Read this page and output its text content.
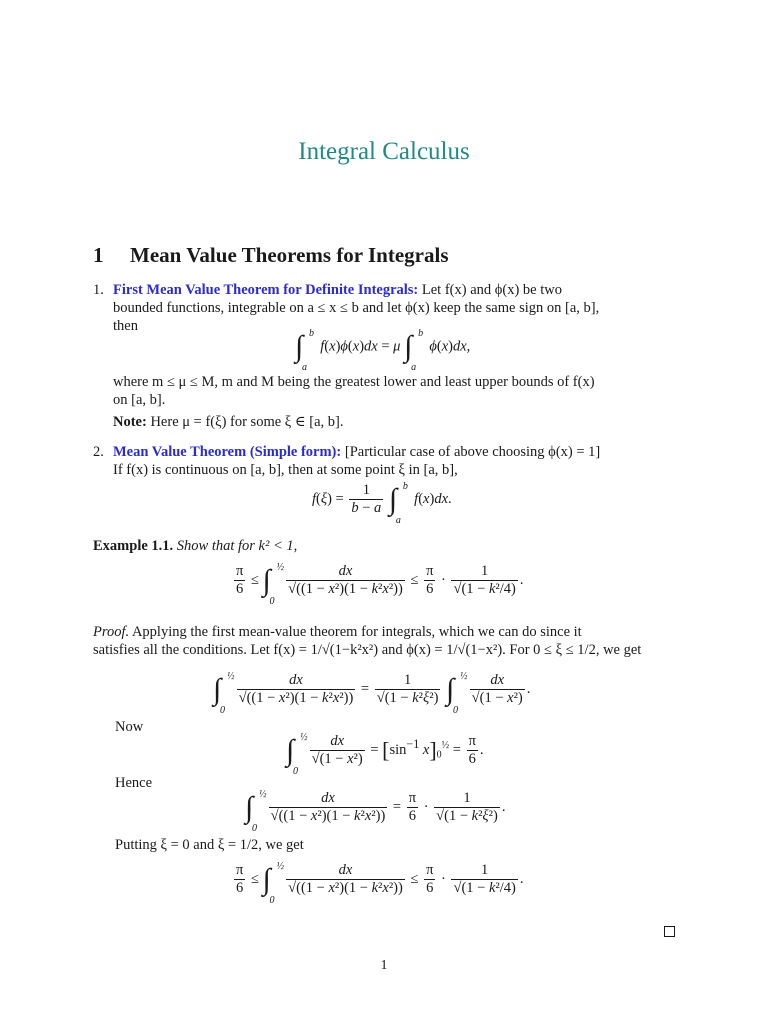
Integral Calculus
1 Mean Value Theorems for Integrals
1. First Mean Value Theorem for Definite Integrals: Let f(x) and ϕ(x) be two
bounded functions, integrable on a ≤ x ≤ b and let ϕ(x) keep the same sign on [a, b],
then
∫ b
a
f(x)ϕ(x)dx = μ ∫ b
a
ϕ(x)dx,
where m ≤ μ ≤ M, m and M being the greatest lower and least upper bounds of f(x)
on [a, b].
Note: Here μ = f(ξ) for some ξ ∈ [a, b].
2. Mean Value Theorem (Simple form): [Particular case of above choosing ϕ(x) = 1]
If f(x) is continuous on [a, b], then at some point ξ in [a, b],
$f(\xi) = \frac{1}{b - a}$ ∫ b
a
f(x)dx.
Example 1.1. Show that for k² < 1,
$\frac{\pi}{6}$ ≤ ∫ ½
0

$\frac{dx}{\text{√((1 − x²)(1 − k²x²))}} \le \frac{\pi}{6} \cdot \frac{1}{\text{√(1 − k²/4)}}$ .
Proof. Applying the first mean-value theorem for integrals, which we can do since it
satisfies all the conditions. Let f(x) = 1/√(1−k²x²) and ϕ(x) = 1/√(1−x²). For 0 ≤ ξ ≤ 1/2, we get
∫ ½
0

$\frac{dx}{\text{√((1 − x²)(1 − k²x²))}} = \frac{1}{\text{√(1 − k²ξ²)}}$ ∫ ½
0

$\frac{dx}{\text{√(1 − x²)}}$ .
Now
∫ ½
0

$\frac{dx}{\text{√(1 − x²)}} = [\sin^{-1}$ $x]_0^{\frac{1}{2}} = \frac{\pi}{6}$ .
Hence
∫ ½
0

$\frac{dx}{\text{√((1 − x²)(1 − k²x²))}} = \frac{\pi}{6} \cdot \frac{1}{\text{√(1 − k²ξ²)}}$ .
Putting ξ = 0 and ξ = 1/2, we get
$\frac{\pi}{6}$ ≤ ∫ ½
0

$\frac{dx}{\text{√((1 − x²)(1 − k²x²))}} \le \frac{\pi}{6} \cdot \frac{1}{\text{√(1 − k²/4)}}$ .
1
